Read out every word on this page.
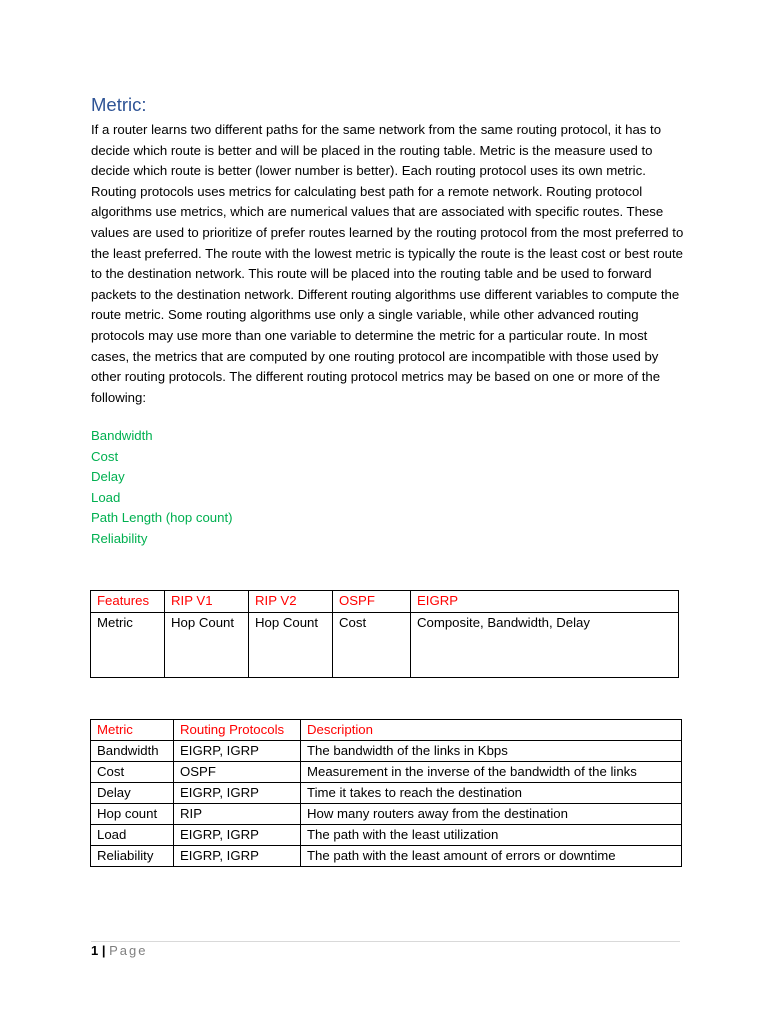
Metric:

If a router learns two different paths for the same network from the same routing protocol, it has to decide which route is better and will be placed in the routing table. Metric is the measure used to decide which route is better (lower number is better). Each routing protocol uses its own metric. Routing protocols uses metrics for calculating best path for a remote network. Routing protocol algorithms use metrics, which are numerical values that are associated with specific routes. These values are used to prioritize of prefer routes learned by the routing protocol from the most preferred to the least preferred. The route with the lowest metric is typically the route is the least cost or best route to the destination network. This route will be placed into the routing table and be used to forward packets to the destination network. Different routing algorithms use different variables to compute the route metric. Some routing algorithms use only a single variable, while other advanced routing protocols may use more than one variable to determine the metric for a particular route. In most cases, the metrics that are computed by one routing protocol are incompatible with those used by other routing protocols. The different routing protocol metrics may be based on one or more of the following:

Bandwidth
Cost
Delay
Load
Path Length (hop count)
Reliability
Features	RIP V1	RIP V2	OSPF	EIGRP
Metric	Hop Count	Hop Count	Cost	Composite, Bandwidth, Delay
Metric	Routing Protocols	Description
Bandwidth	EIGRP, IGRP	The bandwidth of the links in Kbps
Cost	OSPF	Measurement in the inverse of the bandwidth of the links
Delay	EIGRP, IGRP	Time it takes to reach the destination
Hop count	RIP	How many routers away from the destination
Load	EIGRP, IGRP	The path with the least utilization
Reliability	EIGRP, IGRP	The path with the least amount of errors or downtime
1 | Page
